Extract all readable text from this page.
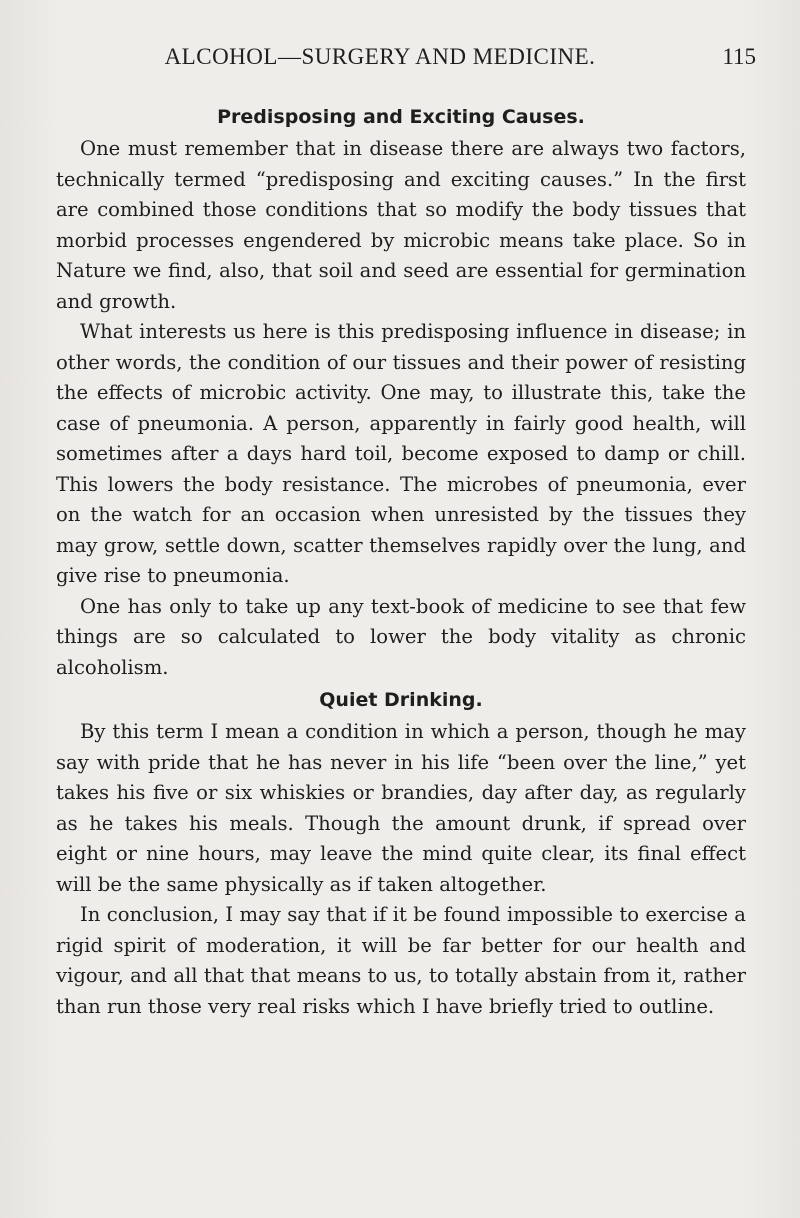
ALCOHOL—SURGERY AND MEDICINE.	115
Predisposing and Exciting Causes.

One must remember that in disease there are always two factors, technically termed “predisposing and exciting causes.” In the first are combined those conditions that so modify the body tissues that morbid processes engendered by microbic means take place. So in Nature we find, also, that soil and seed are essential for germination and growth.

What interests us here is this predisposing influence in disease; in other words, the condition of our tissues and their power of resisting the effects of microbic activity. One may, to illustrate this, take the case of pneumonia. A person, apparently in fairly good health, will sometimes after a days hard toil, become exposed to damp or chill. This lowers the body resistance. The microbes of pneumonia, ever on the watch for an occasion when unresisted by the tissues they may grow, settle down, scatter themselves rapidly over the lung, and give rise to pneumonia.

One has only to take up any text-book of medicine to see that few things are so calculated to lower the body vitality as chronic alcoholism.

Quiet Drinking.

By this term I mean a condition in which a person, though he may say with pride that he has never in his life “been over the line,” yet takes his five or six whiskies or brandies, day after day, as regularly as he takes his meals. Though the amount drunk, if spread over eight or nine hours, may leave the mind quite clear, its final effect will be the same physically as if taken altogether.

In conclusion, I may say that if it be found impossible to exercise a rigid spirit of moderation, it will be far better for our health and vigour, and all that that means to us, to totally abstain from it, rather than run those very real risks which I have briefly tried to outline.
